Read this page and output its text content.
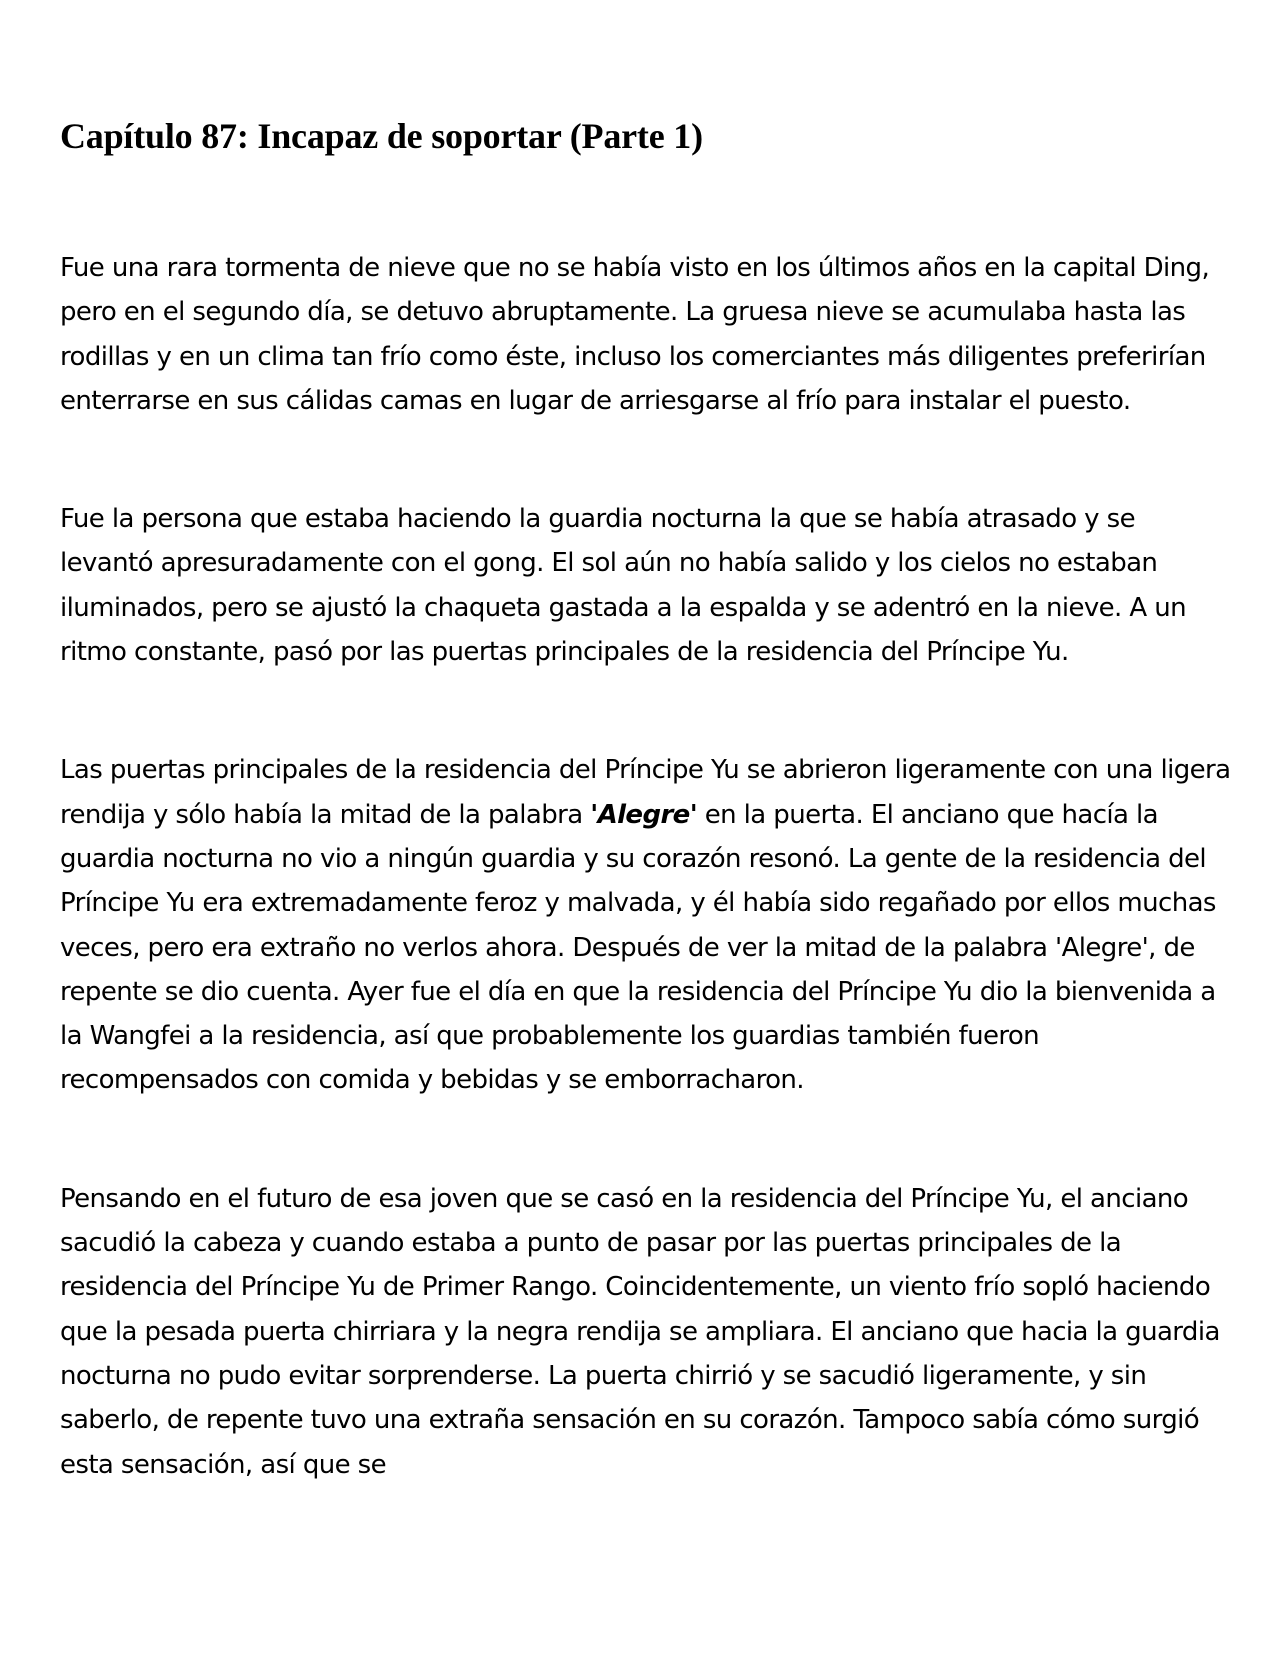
Capítulo 87: Incapaz de soportar (Parte 1)

Fue una rara tormenta de nieve que no se había visto en los últimos años en la capital Ding, pero en el segundo día, se detuvo abruptamente. La gruesa nieve se acumulaba hasta las rodillas y en un clima tan frío como éste, incluso los comerciantes más diligentes preferirían enterrarse en sus cálidas camas en lugar de arriesgarse al frío para instalar el puesto.

Fue la persona que estaba haciendo la guardia nocturna la que se había atrasado y se levantó apresuradamente con el gong. El sol aún no había salido y los cielos no estaban iluminados, pero se ajustó la chaqueta gastada a la espalda y se adentró en la nieve. A un ritmo constante, pasó por las puertas principales de la residencia del Príncipe Yu.

Las puertas principales de la residencia del Príncipe Yu se abrieron ligeramente con una ligera rendija y sólo había la mitad de la palabra 'Alegre' en la puerta. El anciano que hacía la guardia nocturna no vio a ningún guardia y su corazón resonó. La gente de la residencia del Príncipe Yu era extremadamente feroz y malvada, y él había sido regañado por ellos muchas veces, pero era extraño no verlos ahora. Después de ver la mitad de la palabra 'Alegre', de repente se dio cuenta. Ayer fue el día en que la residencia del Príncipe Yu dio la bienvenida a la Wangfei a la residencia, así que probablemente los guardias también fueron recompensados con comida y bebidas y se emborracharon.

Pensando en el futuro de esa joven que se casó en la residencia del Príncipe Yu, el anciano sacudió la cabeza y cuando estaba a punto de pasar por las puertas principales de la residencia del Príncipe Yu de Primer Rango. Coincidentemente, un viento frío sopló haciendo que la pesada puerta chirriara y la negra rendija se ampliara. El anciano que hacia la guardia nocturna no pudo evitar sorprenderse. La puerta chirrió y se sacudió ligeramente, y sin saberlo, de repente tuvo una extraña sensación en su corazón. Tampoco sabía cómo surgió esta sensación, así que se
